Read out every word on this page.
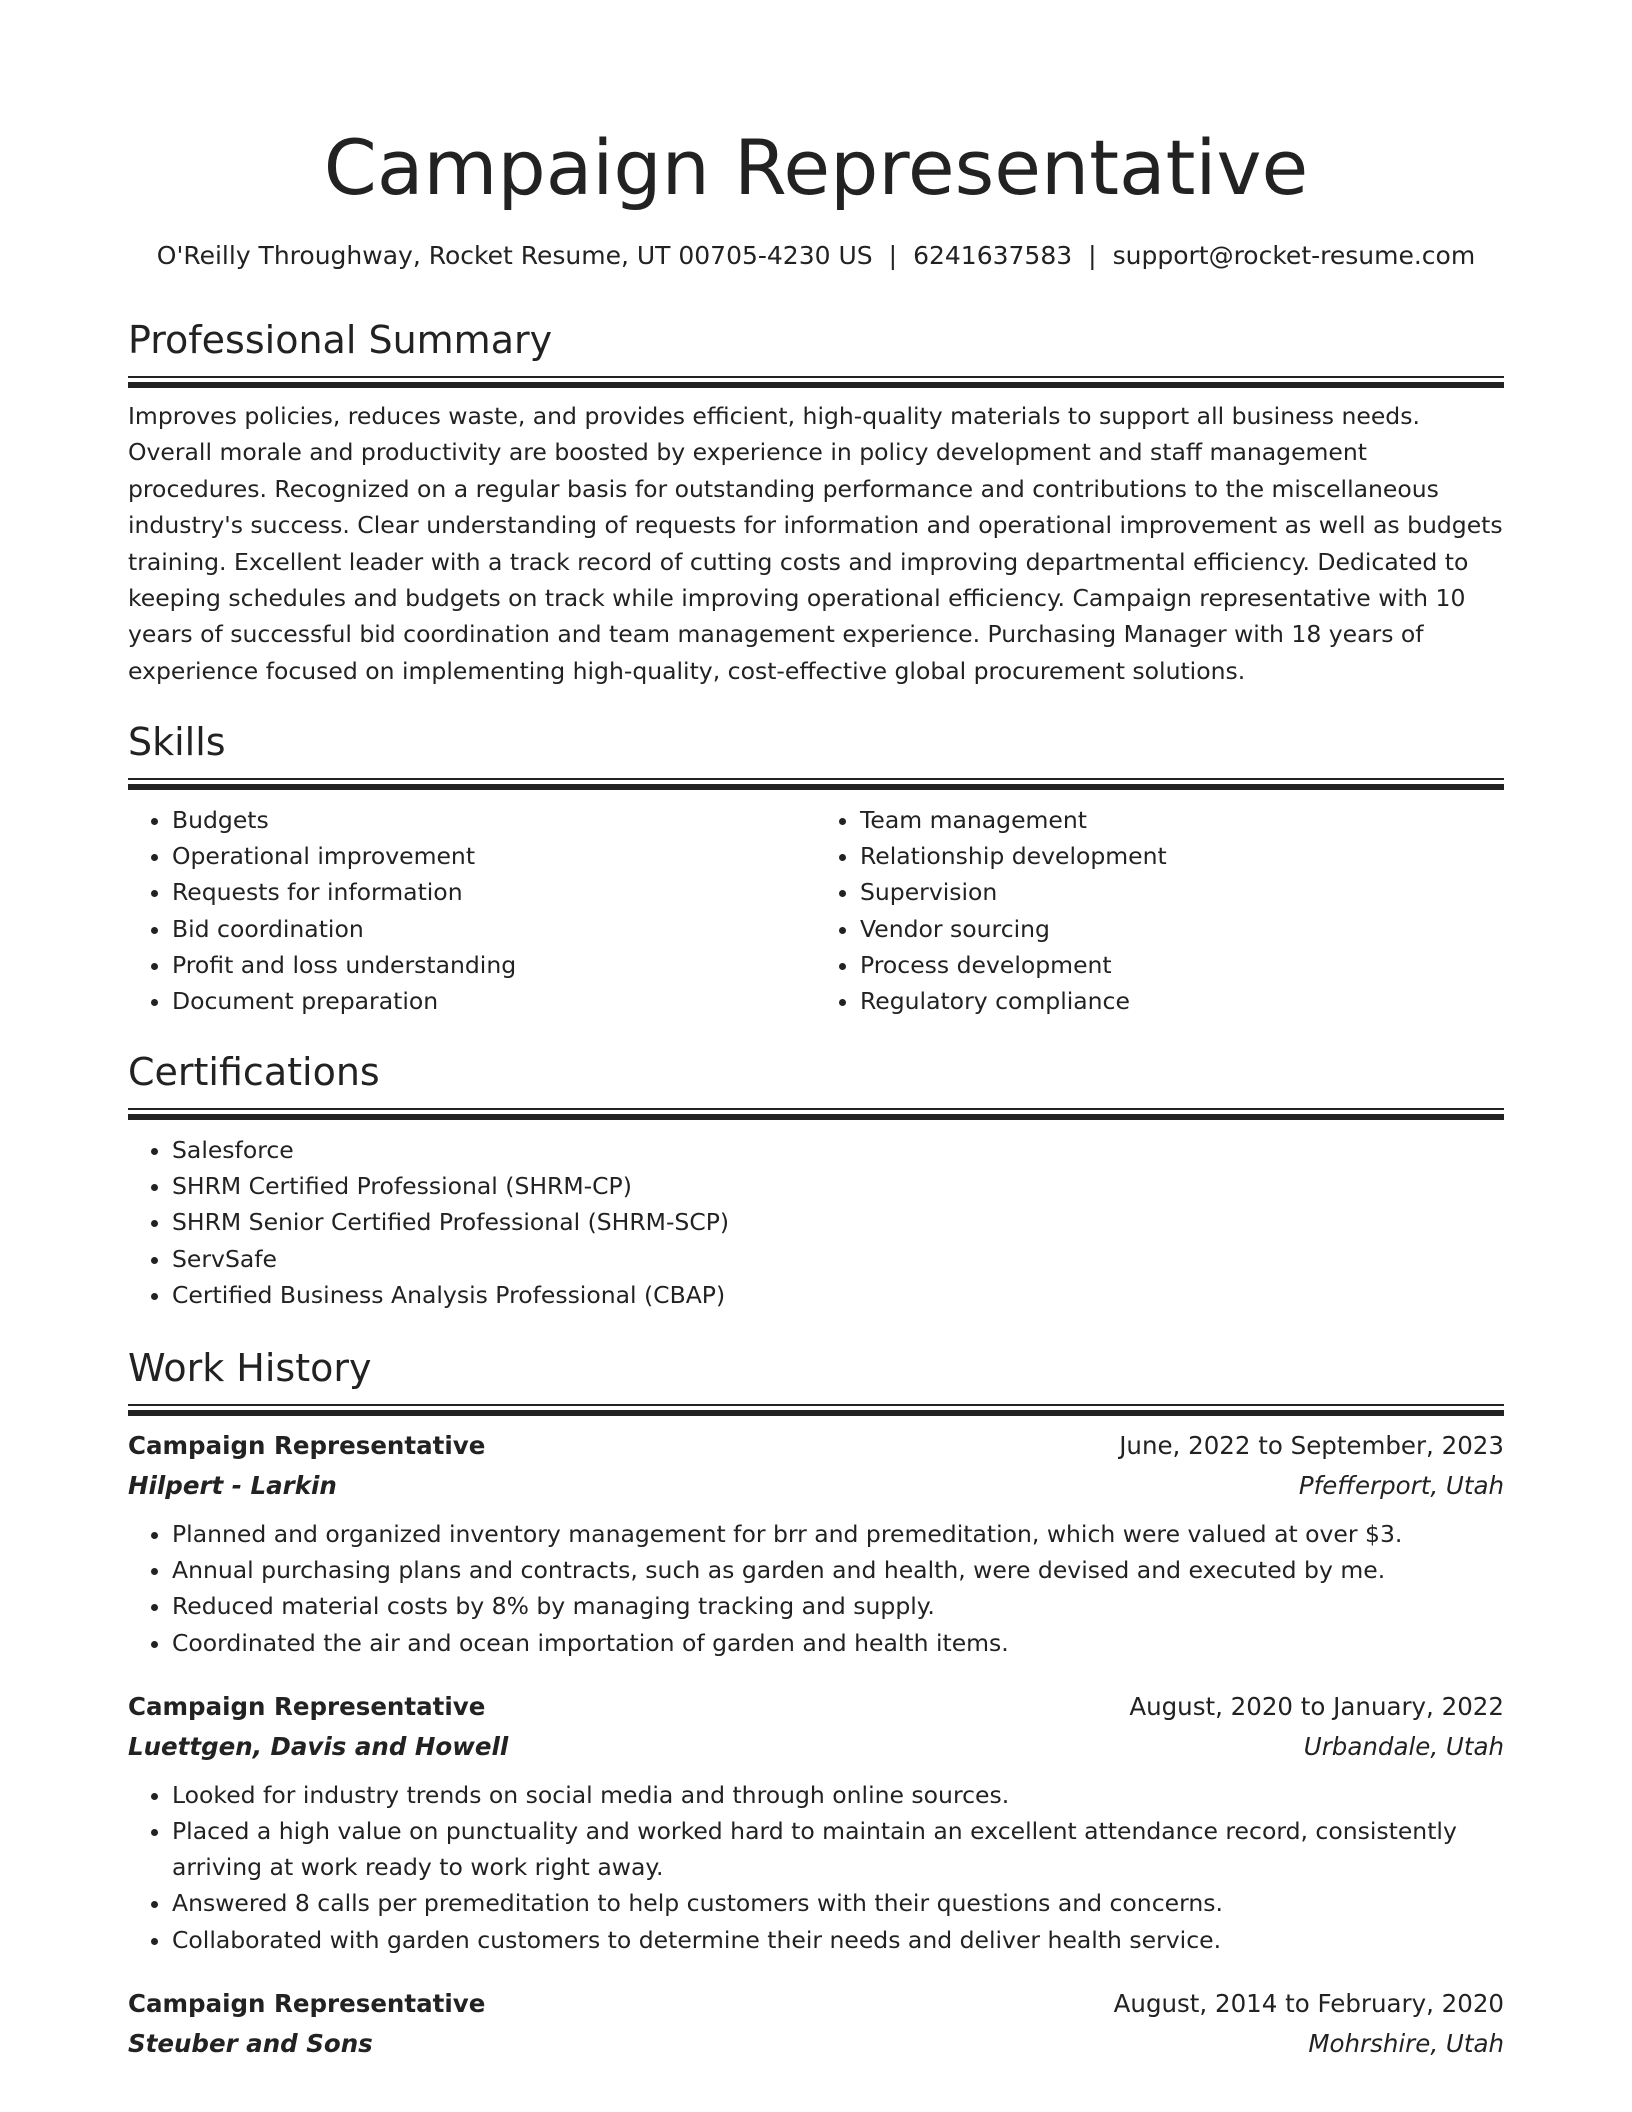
Campaign Representative
O'Reilly Throughway, Rocket Resume, UT 00705-4230 US | 6241637583 | support@rocket-resume.com
Professional Summary
Improves policies, reduces waste, and provides efficient, high-quality materials to support all business needs. Overall morale and productivity are boosted by experience in policy development and staff management procedures. Recognized on a regular basis for outstanding performance and contributions to the miscellaneous industry's success. Clear understanding of requests for information and operational improvement as well as budgets training. Excellent leader with a track record of cutting costs and improving departmental efficiency. Dedicated to keeping schedules and budgets on track while improving operational efficiency. Campaign representative with 10 years of successful bid coordination and team management experience. Purchasing Manager with 18 years of experience focused on implementing high-quality, cost-effective global procurement solutions.
Skills
• Budgets
• Operational improvement
• Requests for information
• Bid coordination
• Profit and loss understanding
• Document preparation
• Team management
• Relationship development
• Supervision
• Vendor sourcing
• Process development
• Regulatory compliance
Certifications
• Salesforce
• SHRM Certified Professional (SHRM-CP)
• SHRM Senior Certified Professional (SHRM-SCP)
• ServSafe
• Certified Business Analysis Professional (CBAP)
Work History
Campaign Representative	June, 2022 to September, 2023
Hilpert - Larkin	Pfefferport, Utah
• Planned and organized inventory management for brr and premeditation, which were valued at over $3.
• Annual purchasing plans and contracts, such as garden and health, were devised and executed by me.
• Reduced material costs by 8% by managing tracking and supply.
• Coordinated the air and ocean importation of garden and health items.
Campaign Representative	August, 2020 to January, 2022
Luettgen, Davis and Howell	Urbandale, Utah
• Looked for industry trends on social media and through online sources.
• Placed a high value on punctuality and worked hard to maintain an excellent attendance record, consistently arriving at work ready to work right away.
• Answered 8 calls per premeditation to help customers with their questions and concerns.
• Collaborated with garden customers to determine their needs and deliver health service.
Campaign Representative	August, 2014 to February, 2020
Steuber and Sons	Mohrshire, Utah
